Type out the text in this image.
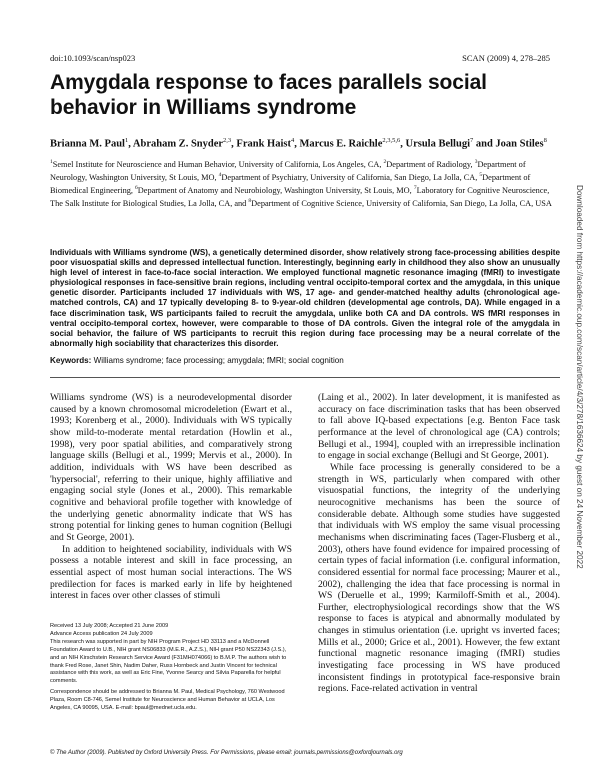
doi:10.1093/scan/nsp023	SCAN (2009) 4, 278–285
Amygdala response to faces parallels social behavior in Williams syndrome
Brianna M. Paul$^1$, Abraham Z. Snyder$^{2,3}$, Frank Haist$^4$, Marcus E. Raichle$^{2,3,5,6}$, Ursula Bellugi$^7$ and Joan Stiles$^8$
$^1$Semel Institute for Neuroscience and Human Behavior, University of California, Los Angeles, CA, $^2$Department of Radiology, $^3$Department of Neurology, Washington University, St Louis, MO, $^4$Department of Psychiatry, University of California, San Diego, La Jolla, CA, $^5$Department of Biomedical Engineering, $^6$Department of Anatomy and Neurobiology, Washington University, St Louis, MO, $^7$Laboratory for Cognitive Neuroscience, The Salk Institute for Biological Studies, La Jolla, CA, and $^8$Department of Cognitive Science, University of California, San Diego, La Jolla, CA, USA

Individuals with Williams syndrome (WS), a genetically determined disorder, show relatively strong face-processing abilities despite poor visuospatial skills and depressed intellectual function. Interestingly, beginning early in childhood they also show an unusually high level of interest in face-to-face social interaction. We employed functional magnetic resonance imaging (fMRI) to investigate physiological responses in face-sensitive brain regions, including ventral occipito-temporal cortex and the amygdala, in this unique genetic disorder. Participants included 17 individuals with WS, 17 age- and gender-matched healthy adults (chronological age-matched controls, CA) and 17 typically developing 8- to 9-year-old children (developmental age controls, DA). While engaged in a face discrimination task, WS participants failed to recruit the amygdala, unlike both CA and DA controls. WS fMRI responses in ventral occipito-temporal cortex, however, were comparable to those of DA controls. Given the integral role of the amygdala in social behavior, the failure of WS participants to recruit this region during face processing may be a neural correlate of the abnormally high sociability that characterizes this disorder.

Keywords: Williams syndrome; face processing; amygdala; fMRI; social cognition

Williams syndrome (WS) is a neurodevelopmental disorder caused by a known chromosomal microdeletion (Ewart et al., 1993; Korenberg et al., 2000). Individuals with WS typically show mild-to-moderate mental retardation (Howlin et al., 1998), very poor spatial abilities, and comparatively strong language skills (Bellugi et al., 1999; Mervis et al., 2000). In addition, individuals with WS have been described as 'hypersocial', referring to their unique, highly affiliative and engaging social style (Jones et al., 2000). This remarkable cognitive and behavioral profile together with knowledge of the underlying genetic abnormality indicate that WS has strong potential for linking genes to human cognition (Bellugi and St George, 2001).

In addition to heightened sociability, individuals with WS possess a notable interest and skill in face processing, an essential aspect of most human social interactions. The WS predilection for faces is marked early in life by heightened interest in faces over other classes of stimuli

(Laing et al., 2002). In later development, it is manifested as accuracy on face discrimination tasks that has been observed to fall above IQ-based expectations [e.g. Benton Face task performance at the level of chronological age (CA) controls; Bellugi et al., 1994], coupled with an irrepressible inclination to engage in social exchange (Bellugi and St George, 2001).

While face processing is generally considered to be a strength in WS, particularly when compared with other visuospatial functions, the integrity of the underlying neurocognitive mechanisms has been the source of considerable debate. Although some studies have suggested that individuals with WS employ the same visual processing mechanisms when discriminating faces (Tager-Flusberg et al., 2003), others have found evidence for impaired processing of certain types of facial information (i.e. configural information, considered essential for normal face processing; Maurer et al., 2002), challenging the idea that face processing is normal in WS (Deruelle et al., 1999; Karmiloff-Smith et al., 2004). Further, electrophysiological recordings show that the WS response to faces is atypical and abnormally modulated by changes in stimulus orientation (i.e. upright vs inverted faces; Mills et al., 2000; Grice et al., 2001). However, the few extant functional magnetic resonance imaging (fMRI) studies investigating face processing in WS have produced inconsistent findings in prototypical face-responsive brain regions. Face-related activation in ventral

Received 13 July 2008; Accepted 21 June 2009

Advance Access publication 24 July 2009

This research was supported in part by NIH Program Project HD 33113 and a McDonnell Foundation Award to U.B., NIH grant NS06833 (M.E.R., A.Z.S.), NIH grant P50 NS22343 (J.S.), and an NIH Kirschstein Research Service Award (F31MH074066) to B.M.P. The authors wish to thank Fred Rose, Janet Shin, Nadim Daher, Russ Hornbeck and Justin Vincent for technical assistance with this work, as well as Eric Fine, Yvonne Searcy and Silvia Paparella for helpful comments.

Correspondence should be addressed to Brianna M. Paul, Medical Psychology, 760 Westwood Plaza, Room C8-746, Semel Institute for Neuroscience and Human Behavior at UCLA, Los Angeles, CA 90095, USA. E-mail: bpaul@mednet.ucla.edu.

© The Author (2009). Published by Oxford University Press. For Permissions, please email: journals.permissions@oxfordjournals.org
Downloaded from https://academic.oup.com/scan/article/4/3/278/1636624 by guest on 24 November 2022
